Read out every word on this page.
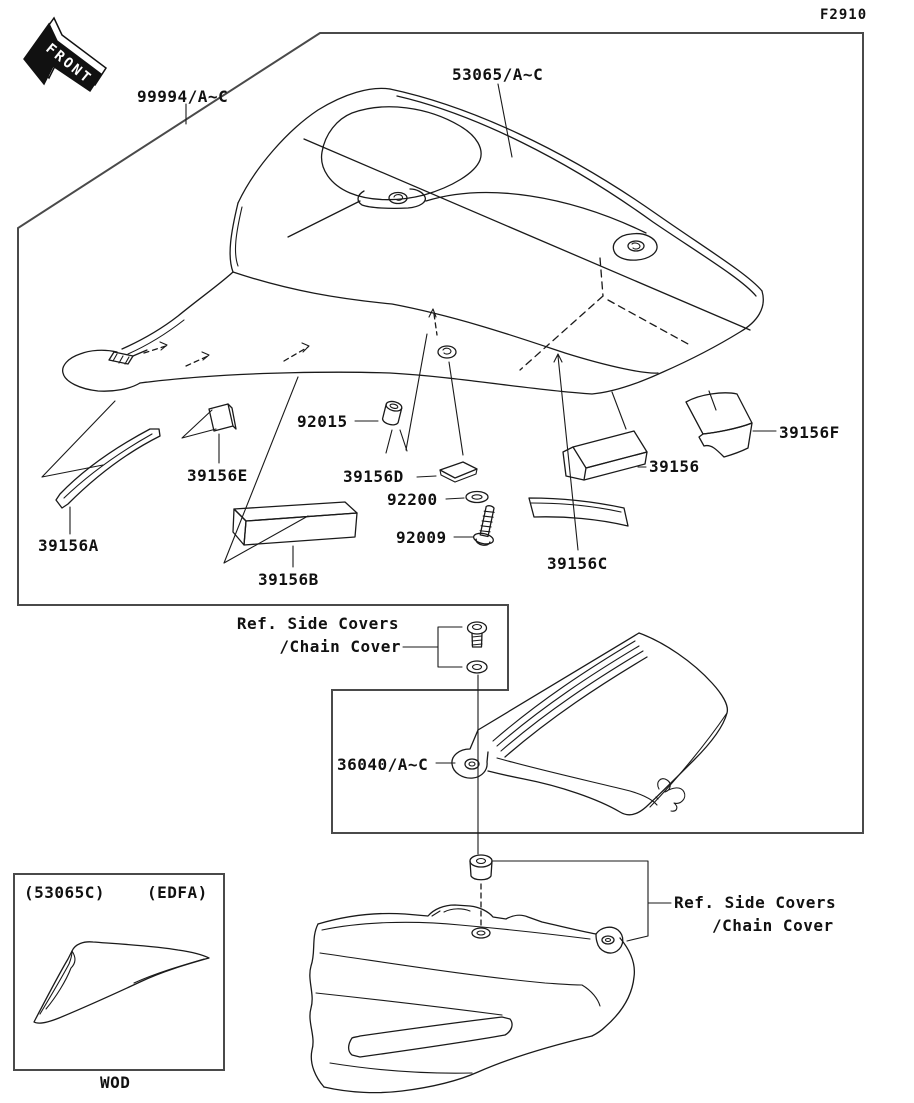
F2910
FRONT
99994/A~C
53065/A~C
92015
39156E	39156D
92200
92009
39156A
39156B
39156C
39156
39156F
36040/A~C
Ref. Side Covers
/Chain Cover
Ref. Side Covers
/Chain Cover
(53065C)	(EDFA)
WOD
